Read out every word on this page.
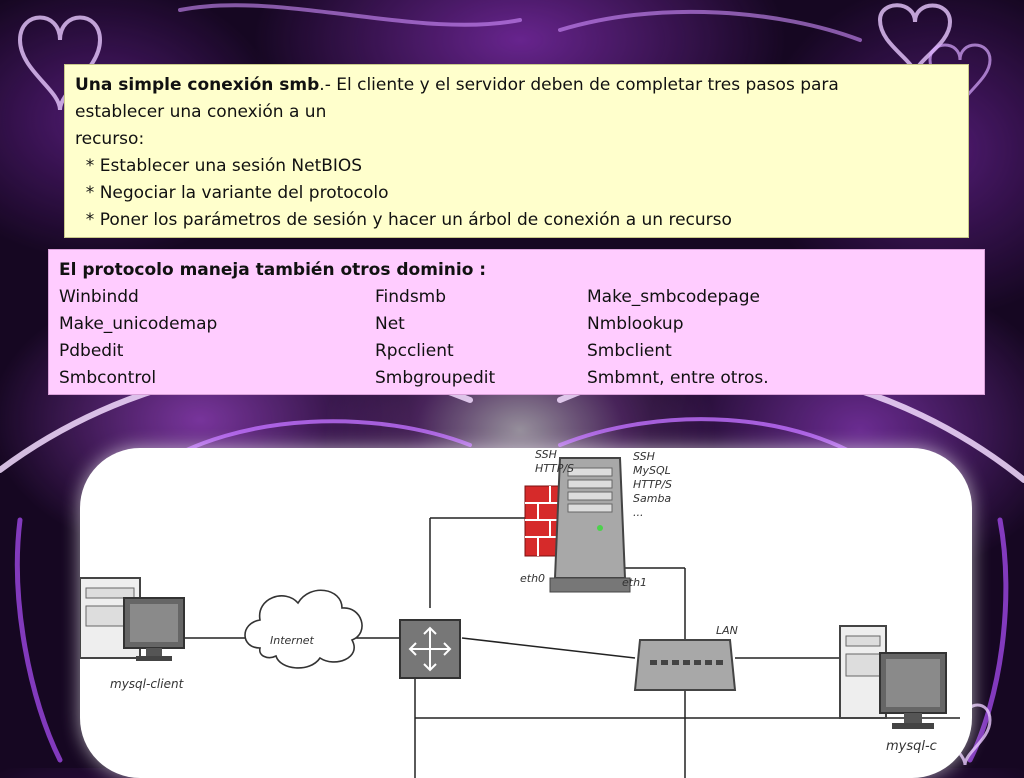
Una simple conexión smb.- El cliente y el servidor deben de completar tres pasos para

establecer una conexión a un

recurso:

* Establecer una sesión NetBIOS

* Negociar la variante del protocolo

* Poner los parámetros de sesión y hacer un árbol de conexión a un recurso

El protocolo maneja también otros dominio :
Winbindd	Findsmb	Make_smbcodepage
Make_unicodemap	Net	Nmblookup
Pdbedit	Rpcclient	Smbclient
Smbcontrol	Smbgroupedit	Smbmnt, entre otros.
mysql-client
Internet
SSH
HTTP/S
SSH
MySQL
HTTP/S
Samba
...
eth0	eth1
LAN
mysql-c
